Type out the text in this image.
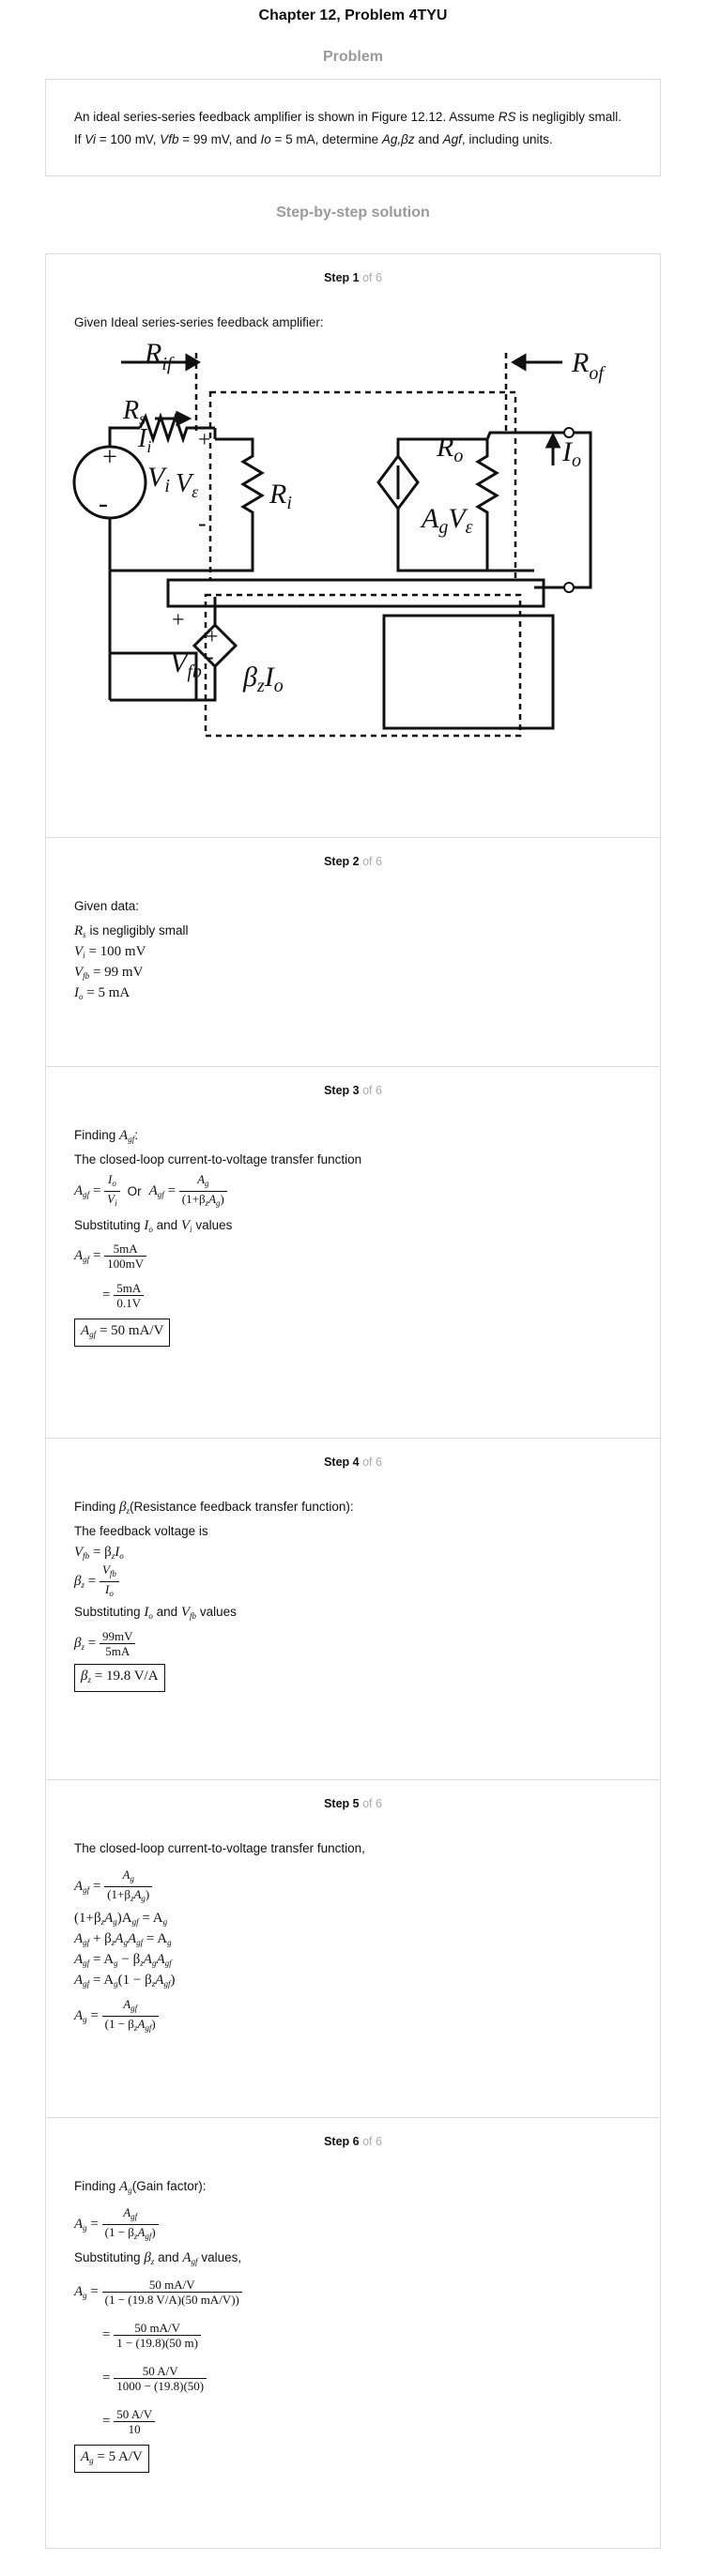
Chapter 12, Problem 4TYU
Problem
An ideal series-series feedback amplifier is shown in Figure 12.12. Assume RS is negligibly small. If Vi = 100 mV, Vfb = 99 mV, and Io = 5 mA, determine Ag,βz and Agf, including units.
Step-by-step solution
Step 1 of 6
Given Ideal series-series feedback amplifier:
$R_{if}$	$R_{of}$
$R_s$
$I_i$
$V_i$ $V_\varepsilon$	$R_i$
$R_o$	$I_o$
$A_gV_\varepsilon$
$V_{fb}$ $\beta_zI_o$
+
-
+
-
+
-
+
-
Step 2 of 6
Given data:
$R_s$ is negligibly small
$V_i = 100$ mV
$V_{fb} = 99$ mV
$I_o = 5$ mA
Step 3 of 6
Finding $A_{gf}$:
The closed-loop current-to-voltage transfer function
$A_{gf} = \frac{I_o}{V_i}$ Or $A_{gf} = \frac{A_g}{(1+\beta_zA_g)}$
Substituting $I_o$ and $V_i$ values
$A_{gf} = \frac{5mA}{100mV}$
= $\frac{5mA}{0.1V}$
$A_{gf} = 50$ mA/V
Step 4 of 6
Finding $\beta_z(Resistance$ feedback transfer function):
The feedback voltage is
$V_{fb} = \beta_zI_o$
$\beta_z = \frac{V_{fb}}{I_o}$
Substituting $I_o$ and $V_{fb}$ values
$\beta_z = \frac{99mV}{5mA}$
$\beta_z = 19.8$ V/A
Step 5 of 6
The closed-loop current-to-voltage transfer function,
$A_{gf} = \frac{A_g}{(1+\beta_zA_g)}$
$(1+\beta_zA_g)A_{gf} = A_g$
$A_{gf} + \beta_zA_gA_{gf} = A_g$
$A_{gf} = A_g - \beta_zA_gA_{gf}$
$A_{gf} = A_g(1 - \beta_zA_{gf})$
$A_g = \frac{A_{gf}}{(1 - \beta_zA_{gf})}$
Step 6 of 6
Finding $A_g(Gain$ factor):
$A_g = \frac{A_{gf}}{(1 - \beta_zA_{gf})}$
Substituting $\beta_z$ and $A_{gf}$ values,
$A_g = \frac{50 mA/V}{(1 - (19.8 V/A)(50 mA/V))}$
= $\frac{50 mA/V}{1 - (19.8)(50 m)}$
= $\frac{50 A/V}{1000 - (19.8)(50)}$
= $\frac{50 A/V}{10}$
$A_g = 5$ A/V
